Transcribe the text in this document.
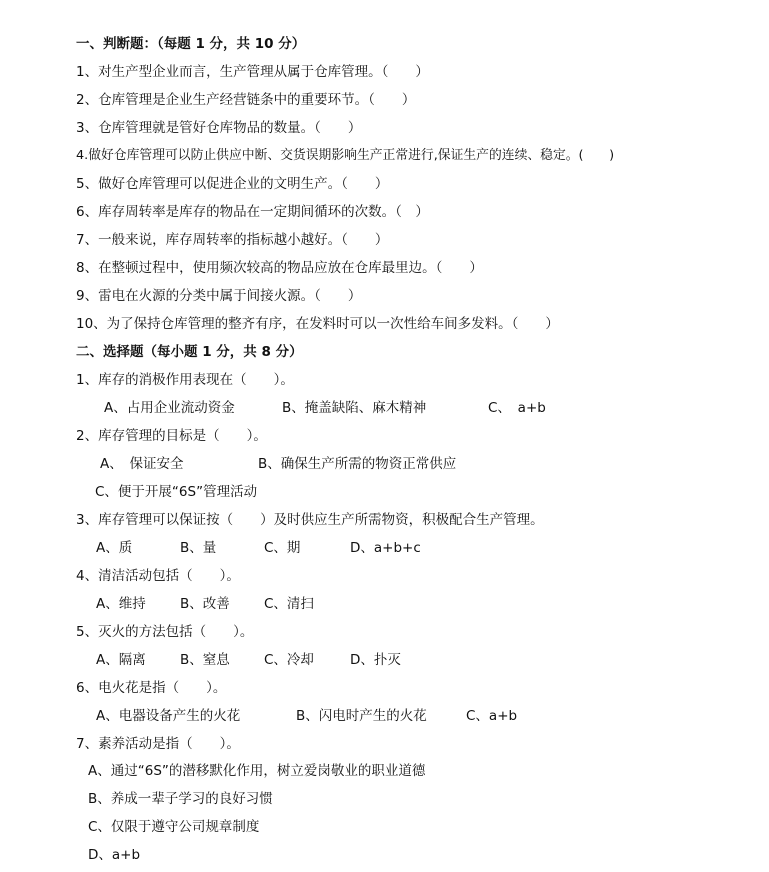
一、判断题：（每题 1 分，共 10 分）
1、对生产型企业而言，生产管理从属于仓库管理。（　　）
2、仓库管理是企业生产经营链条中的重要环节。（　　）
3、仓库管理就是管好仓库物品的数量。（　　）
4.做好仓库管理可以防止供应中断、交货误期影响生产正常进行,保证生产的连续、稳定。(　　)
5、做好仓库管理可以促进企业的文明生产。（　　）
6、库存周转率是库存的物品在一定期间循环的次数。（　）
7、一般来说，库存周转率的指标越小越好。（　　）
8、在整顿过程中，使用频次较高的物品应放在仓库最里边。（　　）
9、雷电在火源的分类中属于间接火源。（　　）
10、为了保持仓库管理的整齐有序，在发料时可以一次性给车间多发料。（　　）
二、选择题（每小题 1 分，共 8 分）
1、库存的消极作用表现在（　　）。
A、占用企业流动资金	B、掩盖缺陷、麻木精神	C、　a+b
2、库存管理的目标是（　　）。
A、　保证安全	B、确保生产所需的物资正常供应
C、便于开展“6S”管理活动
3、库存管理可以保证按（　　）及时供应生产所需物资，积极配合生产管理。
A、质	B、量	C、期	D、a+b+c
4、清洁活动包括（　　）。
A、维持	B、改善	C、清扫
5、灭火的方法包括（　　）。
A、隔离	B、窒息	C、冷却	D、扑灭
6、电火花是指（　　）。
A、电器设备产生的火花	B、闪电时产生的火花	C、a+b
7、素养活动是指（　　）。
A、通过“6S”的潜移默化作用，树立爱岗敬业的职业道德
B、养成一辈子学习的良好习惯
C、仅限于遵守公司规章制度
D、a+b
